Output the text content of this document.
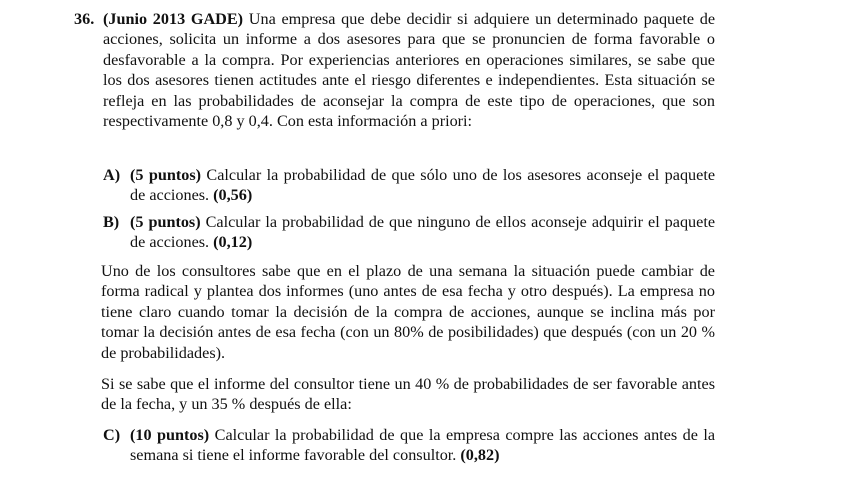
36. (Junio 2013 GADE) Una empresa que debe decidir si adquiere un determinado paquete de acciones, solicita un informe a dos asesores para que se pronuncien de forma favorable o desfavorable a la compra. Por experiencias anteriores en operaciones similares, se sabe que los dos asesores tienen actitudes ante el riesgo diferentes e independientes. Esta situación se refleja en las probabilidades de aconsejar la compra de este tipo de operaciones, que son respectivamente 0,8 y 0,4. Con esta información a priori:
A) (5 puntos) Calcular la probabilidad de que sólo uno de los asesores aconseje el paquete de acciones. (0,56)
B) (5 puntos) Calcular la probabilidad de que ninguno de ellos aconseje adquirir el paquete de acciones. (0,12)
Uno de los consultores sabe que en el plazo de una semana la situación puede cambiar de forma radical y plantea dos informes (uno antes de esa fecha y otro después). La empresa no tiene claro cuando tomar la decisión de la compra de acciones, aunque se inclina más por tomar la decisión antes de esa fecha (con un 80% de posibilidades) que después (con un 20 % de probabilidades).
Si se sabe que el informe del consultor tiene un 40 % de probabilidades de ser favorable antes de la fecha, y un 35 % después de ella:
C) (10 puntos) Calcular la probabilidad de que la empresa compre las acciones antes de la semana si tiene el informe favorable del consultor. (0,82)
